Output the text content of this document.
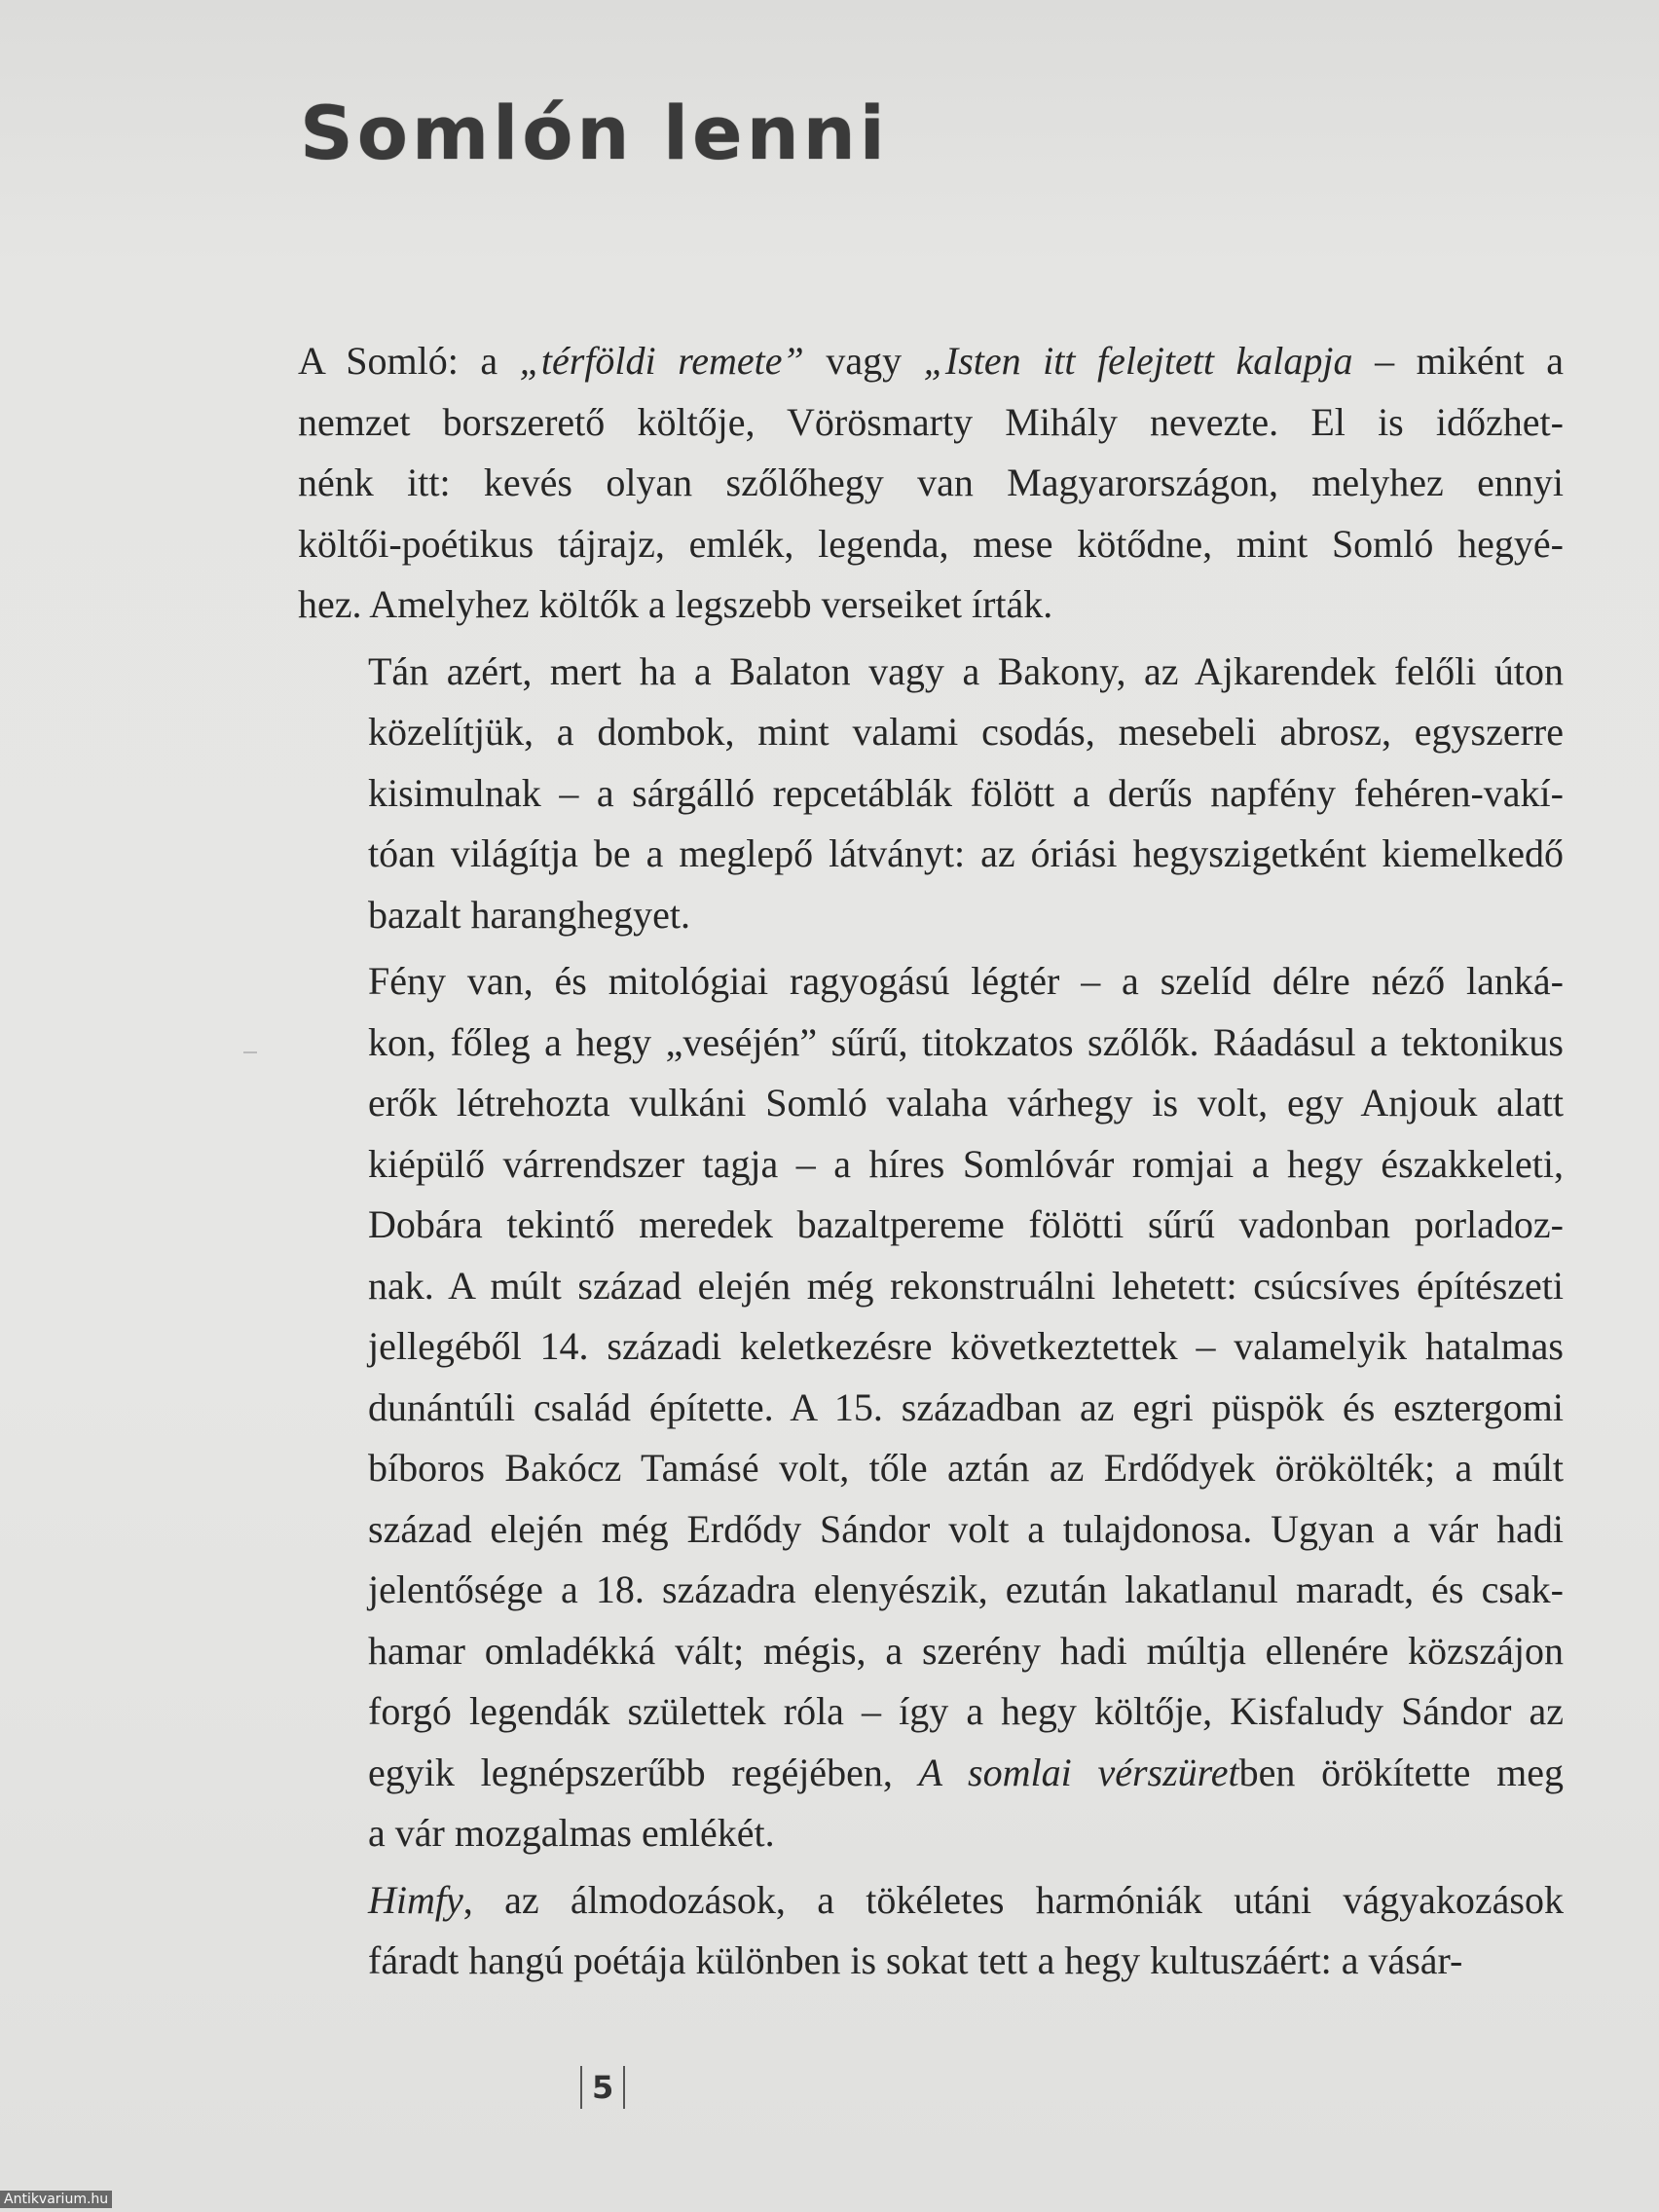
Somlón lenni

A Somló: a „térföldi remete” vagy „Isten itt felejtett kalapja – miként a
nemzet borszerető költője, Vörösmarty Mihály nevezte. El is időzhet-
nénk itt: kevés olyan szőlőhegy van Magyarországon, melyhez ennyi
költői-poétikus tájrajz, emlék, legenda, mese kötődne, mint Somló hegyé-
hez. Amelyhez költők a legszebb verseiket írták.

Tán azért, mert ha a Balaton vagy a Bakony, az Ajkarendek felőli úton
közelítjük, a dombok, mint valami csodás, mesebeli abrosz, egyszerre
kisimulnak – a sárgálló repcetáblák fölött a derűs napfény fehéren-vakí-
tóan világítja be a meglepő látványt: az óriási hegyszigetként kiemelkedő
bazalt haranghegyet.

Fény van, és mitológiai ragyogású légtér – a szelíd délre néző lanká-
kon, főleg a hegy „veséjén” sűrű, titokzatos szőlők. Ráadásul a tektonikus
erők létrehozta vulkáni Somló valaha várhegy is volt, egy Anjouk alatt
kiépülő várrendszer tagja – a híres Somlóvár romjai a hegy északkeleti,
Dobára tekintő meredek bazaltpereme fölötti sűrű vadonban porladoz-
nak. A múlt század elején még rekonstruálni lehetett: csúcsíves építészeti
jellegéből 14. századi keletkezésre következtettek – valamelyik hatalmas
dunántúli család építette. A 15. században az egri püspök és esztergomi
bíboros Bakócz Tamásé volt, tőle aztán az Erdődyek örökölték; a múlt
század elején még Erdődy Sándor volt a tulajdonosa. Ugyan a vár hadi
jelentősége a 18. századra elenyészik, ezután lakatlanul maradt, és csak-
hamar omladékká vált; mégis, a szerény hadi múltja ellenére közszájon
forgó legendák születtek róla – így a hegy költője, Kisfaludy Sándor az
egyik legnépszerűbb regéjében, A somlai vérszüretben örökítette meg
a vár mozgalmas emlékét.

Himfy, az álmodozások, a tökéletes harmóniák utáni vágyakozások
fáradt hangú poétája különben is sokat tett a hegy kultuszáért: a vásár-

5
Antikvarium.hu
